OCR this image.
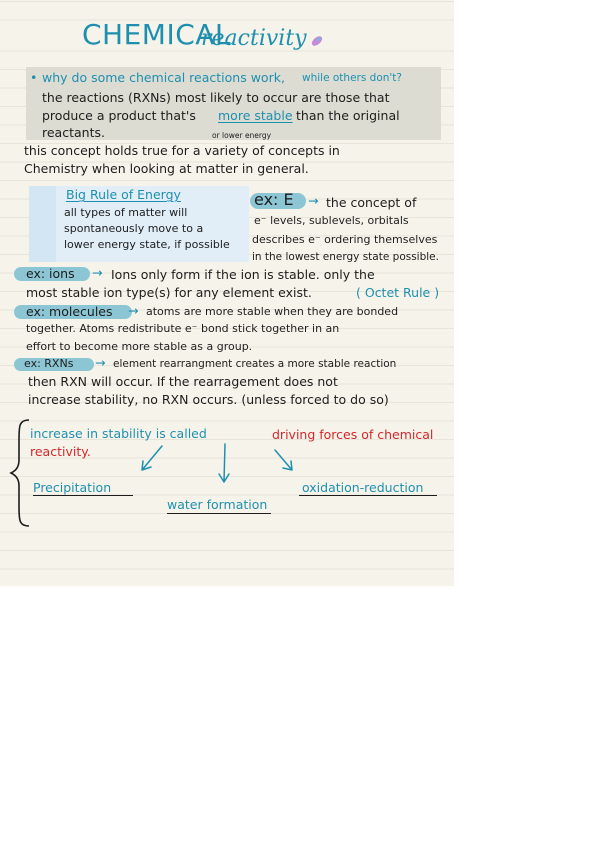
CHEMICAL
reactivity
• why do some chemical reactions work, while others don't?
the reactions (RXNs) most likely to occur are those that
produce a product that's more stable than the original
reactants.	or lower energy
this concept holds true for a variety of concepts in
Chemistry when looking at matter in general.
Big Rule of Energy
all types of matter will
spontaneously move to a
lower energy state, if possible
ex: E → the concept of
e⁻ levels, sublevels, orbitals
describes e⁻ ordering themselves
in the lowest energy state possible.
ex: ions → Ions only form if the ion is stable. only the
most stable ion type(s) for any element exist.	( Octet Rule )
ex: molecules → atoms are more stable when they are bonded
together. Atoms redistribute e⁻ bond stick together in an
effort to become more stable as a group.
ex: RXNs → element rearrangment creates a more stable reaction
then RXN will occur. If the rearragement does not
increase stability, no RXN occurs. (unless forced to do so)
increase in stability is called	driving forces of chemical
reactivity.
Precipitation
water formation
oxidation-reduction
